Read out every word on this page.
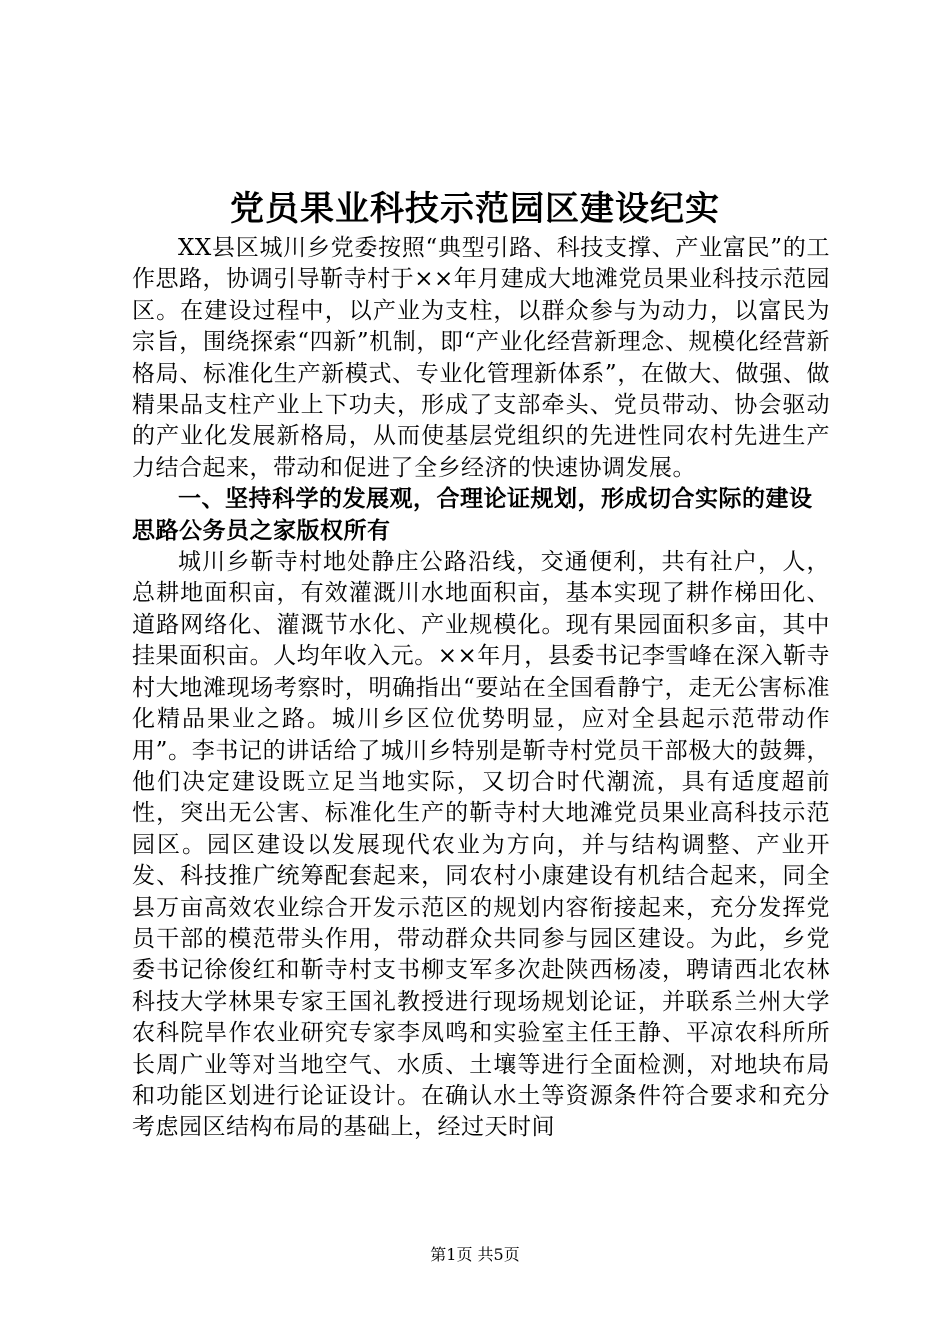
党员果业科技示范园区建设纪实

XX县区城川乡党委按照“典型引路、科技支撑、产业富民”的工作思路，协调引导靳寺村于××年月建成大地滩党员果业科技示范园区。在建设过程中，以产业为支柱，以群众参与为动力，以富民为宗旨，围绕探索“四新”机制，即“产业化经营新理念、规模化经营新格局、标准化生产新模式、专业化管理新体系”，在做大、做强、做精果品支柱产业上下功夫，形成了支部牵头、党员带动、协会驱动的产业化发展新格局，从而使基层党组织的先进性同农村先进生产力结合起来，带动和促进了全乡经济的快速协调发展。

一、坚持科学的发展观，合理论证规划，形成切合实际的建设思路公务员之家版权所有

城川乡靳寺村地处静庄公路沿线，交通便利，共有社户，人，总耕地面积亩，有效灌溉川水地面积亩，基本实现了耕作梯田化、道路网络化、灌溉节水化、产业规模化。现有果园面积多亩，其中挂果面积亩。人均年收入元。××年月，县委书记李雪峰在深入靳寺村大地滩现场考察时，明确指出“要站在全国看静宁，走无公害标准化精品果业之路。城川乡区位优势明显，应对全县起示范带动作用”。李书记的讲话给了城川乡特别是靳寺村党员干部极大的鼓舞，他们决定建设既立足当地实际，又切合时代潮流，具有适度超前性，突出无公害、标准化生产的靳寺村大地滩党员果业高科技示范园区。园区建设以发展现代农业为方向，并与结构调整、产业开发、科技推广统筹配套起来，同农村小康建设有机结合起来，同全县万亩高效农业综合开发示范区的规划内容衔接起来，充分发挥党员干部的模范带头作用，带动群众共同参与园区建设。为此，乡党委书记徐俊红和靳寺村支书柳支军多次赴陕西杨凌，聘请西北农林科技大学林果专家王国礼教授进行现场规划论证，并联系兰州大学农科院旱作农业研究专家李凤鸣和实验室主任王静、平凉农科所所长周广业等对当地空气、水质、土壤等进行全面检测，对地块布局和功能区划进行论证设计。在确认水土等资源条件符合要求和充分考虑园区结构布局的基础上，经过天时间

第1页 共5页
